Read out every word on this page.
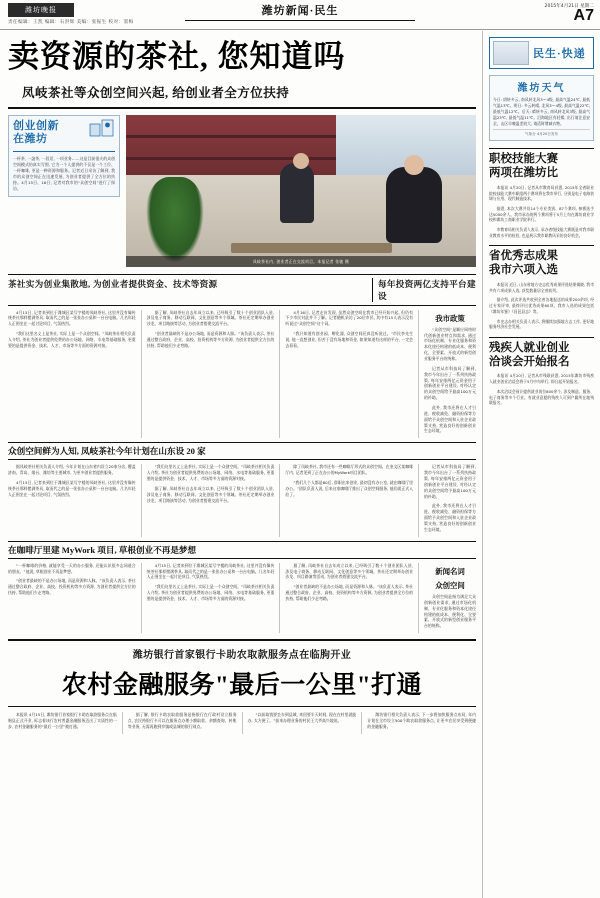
潍坊晚报
责任编辑：王凯 编辑：石洪辉 美编：张振生 校对：窦梅
潍坊新闻·民生	2015年4月21日 星期二
A7
卖资源的茶社, 您知道吗
凤岐茶社等众创空间兴起, 给创业者全方位扶持
创业创新
在潍坊
一杯茶, 一盏茶, 一段话, 一项业务……这是目前很火的众创空间模式的真实写照, 它为一个人提供的不仅是一个工位、一杯咖啡, 更是一种资源和服务。记者近日采访了解到, 我市的众创空间正在迅速发展, 为创业者提供了全方位的扶持。4月15日、16日, 记者对我市的“众创空间”进行了探访。
凤岐茶社内, 创业者正在交流项目。本报记者 张驰 摄
茶社实为创业集散地, 为创业者提供资金、技术等资源	每年投资两亿支持平台建设

4月15日, 记者来到位于潍城区某写字楼的凤岐茶社, 这里并没有像传统茶社那样摆满茶具, 取而代之的是一张张办公桌和一台台电脑。几名年轻人正围坐在一起讨论项目, 气氛热烈。

“我们这里名义上是茶社, 实际上是一个众创空间。”凤岐茶社相关负责人介绍, 茶社为创业者提供免费的办公场地、网络、水电等基础服务, 更重要的是提供资金、技术、人才、市场等多方面的资源对接。

据了解, 凤岐茶社自去年成立以来, 已经吸引了数十个创业团队入驻, 涉及电子商务、移动互联网、文化创意等多个领域。茶社还定期举办创业沙龙、项目路演等活动, 为创业者搭建交流平台。

“创业者最缺的不是办公场地, 而是资源和人脉。”该负责人表示, 茶社通过整合政府、企业、高校、投资机构等多方资源, 为创业者提供全方位的扶持, 帮助他们少走弯路。

4月16日, 记者走访发现, 虽然众创空间在我市已经开始兴起, 但仍有不少市民对此并不了解。记者随机采访了20位市民, 其中有15人表示没有听说过“众创空间”这个词。

“我只知道有创业园、孵化器, 众创空间还真没听说过。”市民李先生说, 他一直想创业, 但苦于没有场地和资金, 如果知道有这样的平台, 一定会去看看。

我市政策

“众创空间”是顺应网络时代创新创业特点和需求, 通过市场化机制、专业化服务和资本化途径构建的低成本、便利化、全要素、开放式的新型创业服务平台的统称。

记者从市科技局了解到, 我市今年出台了一系列扶持政策, 每年安排两亿元资金用于创新创业平台建设, 对经认定的众创空间给予最高100万元的补助。

此外, 我市还将在人才引进、税收减免、融资担保等方面给予众创空间和入驻企业政策支持, 营造良好的创新创业生态环境。

众创空间鲜为人知, 凤岐茶社今年计划在山东设 20 家

据凤岐茶社相关负责人介绍, 今年计划在山东省内设立20家分店, 覆盖济南、青岛、烟台、潍坊等主要城市, 为更多创业者提供服务。

4月15日, 记者来到位于潍城区某写字楼的凤岐茶社, 这里并没有像传统茶社那样摆满茶具, 取而代之的是一张张办公桌和一台台电脑。几名年轻人正围坐在一起讨论项目, 气氛热烈。

“我们这里名义上是茶社, 实际上是一个众创空间。”凤岐茶社相关负责人介绍, 茶社为创业者提供免费的办公场地、网络、水电等基础服务, 更重要的是提供资金、技术、人才、市场等多方面的资源对接。

据了解, 凤岐茶社自去年成立以来, 已经吸引了数十个创业团队入驻, 涉及电子商务、移动互联网、文化创意等多个领域。茶社还定期举办创业沙龙、项目路演等活动, 为创业者搭建交流平台。

除了凤岐茶社, 我市还有一些咖啡厅形式的众创空间。在奎文区某咖啡厅内, 记者见到了正在办公的MyWork项目团队。

“我们几个人都是80后, 辞职出来创业, 最初没有办公室, 就在咖啡厅里办公。”团队负责人说, 后来这家咖啡厅推出了众创空间服务, 他们就正式入驻了。

记者从市科技局了解到, 我市今年出台了一系列扶持政策, 每年安排两亿元资金用于创新创业平台建设, 对经认定的众创空间给予最高100万元的补助。

此外, 我市还将在人才引进、税收减免、融资担保等方面给予众创空间和入驻企业政策支持, 营造良好的创新创业生态环境。

在咖啡厅里建 MyWork 项目, 草根创业不再是梦想

“一杯咖啡的价格, 就能享受一天的办公服务, 还能认识很多志同道合的朋友。”他说, 草根创业不再是梦想。

“创业者最缺的不是办公场地, 而是资源和人脉。”该负责人表示, 茶社通过整合政府、企业、高校、投资机构等多方资源, 为创业者提供全方位的扶持, 帮助他们少走弯路。

4月15日, 记者来到位于潍城区某写字楼的凤岐茶社, 这里并没有像传统茶社那样摆满茶具, 取而代之的是一张张办公桌和一台台电脑。几名年轻人正围坐在一起讨论项目, 气氛热烈。

“我们这里名义上是茶社, 实际上是一个众创空间。”凤岐茶社相关负责人介绍, 茶社为创业者提供免费的办公场地、网络、水电等基础服务, 更重要的是提供资金、技术、人才、市场等多方面的资源对接。

据了解, 凤岐茶社自去年成立以来, 已经吸引了数十个创业团队入驻, 涉及电子商务、移动互联网、文化创意等多个领域。茶社还定期举办创业沙龙、项目路演等活动, 为创业者搭建交流平台。

“创业者最缺的不是办公场地, 而是资源和人脉。”该负责人表示, 茶社通过整合政府、企业、高校、投资机构等多方资源, 为创业者提供全方位的扶持, 帮助他们少走弯路。

新闻名词
众创空间

众创空间是指为满足大众创新创业需求, 通过市场化机制、专业化服务和资本化途径构建的低成本、便利化、全要素、开放式的新型创业服务平台的统称。

潍坊银行首家银行卡助农取款服务点在临朐开业
农村金融服务"最后一公里"打通

本报讯 4月15日, 潍坊银行首家银行卡助农取款服务点在临朐县正式开业, 标志着该行农村普惠金融服务迈出了实质性的一步, 农村金融服务的“最后一公里”被打通。

据了解, 银行卡助农取款服务是指银行在行政村设立服务点, 农民持银行卡可以在服务点办理小额取款、余额查询、转账等业务, 无需再跑到乡镇或县城的银行网点。

“以前取钱要坐车到县城, 来回要半天时间, 现在在村里就能办, 太方便了。”前来办理业务的村民王大爷高兴地说。

潍坊银行相关负责人表示, 下一步将加快服务点布局, 年内计划在全市设立500个助农取款服务点, 让更多农民享受到便捷的金融服务。

民生·快递
潍坊天气
今日: 阴转多云, 南风转北风3～4级, 最高气温24℃, 最低气温13℃。明日: 多云转晴, 北风3～4级, 最高气温22℃, 最低气温12℃。后天: 晴转多云, 南风转北风3级, 最高气温23℃, 最低气温11℃。沿海地区有轻雾, 出行请注意安全。山区早晚温差较大, 请适时增减衣物。
气象台 4月20日发布
职校技能大赛
两项在潍坊比

本报讯 4月20日, 记者从市教育局获悉, 2015年全省职业院校技能大赛中职组两个赛项将在我市举行, 分别是电子电路装调与应用、现代制造技术。

据悉, 本次大赛共设14个专业类别、87个赛项, 参赛选手达5000余人。我市承办的两个赛项将于5月上旬在潍坊商业学校和潍坊工商职业学院举行。

市教育局相关负责人表示, 承办省级技能大赛既是对我市职业教育水平的检验, 也是展示我市职教风采的良好机会。

省优秀志成果
我市六项入选

本报讯 近日, 山东省地方史志优秀成果评选结果揭晓, 我市共有六项成果入选, 获奖数量居全省前列。

据介绍, 此次评选共收到全省各地报送的成果200余项, 经过专家评审, 最终评出优秀成果60项。我市入选的成果包括《潍坊年鉴》《昌邑县志》等。

市史志办相关负责人表示, 将继续加强地方志工作, 更好地服务经济社会发展。

残疾人就业创业
洽谈会开始报名

本报讯 4月20日, 记者从市残联获悉, 2015年潍坊市残疾人就业创业洽谈会将于5月中旬举行, 即日起开始报名。

本次洽谈会预计提供就业岗位800余个, 涉及制造、服务、电子商务等多个行业。有就业意愿的残疾人可到户籍所在地残联报名。
